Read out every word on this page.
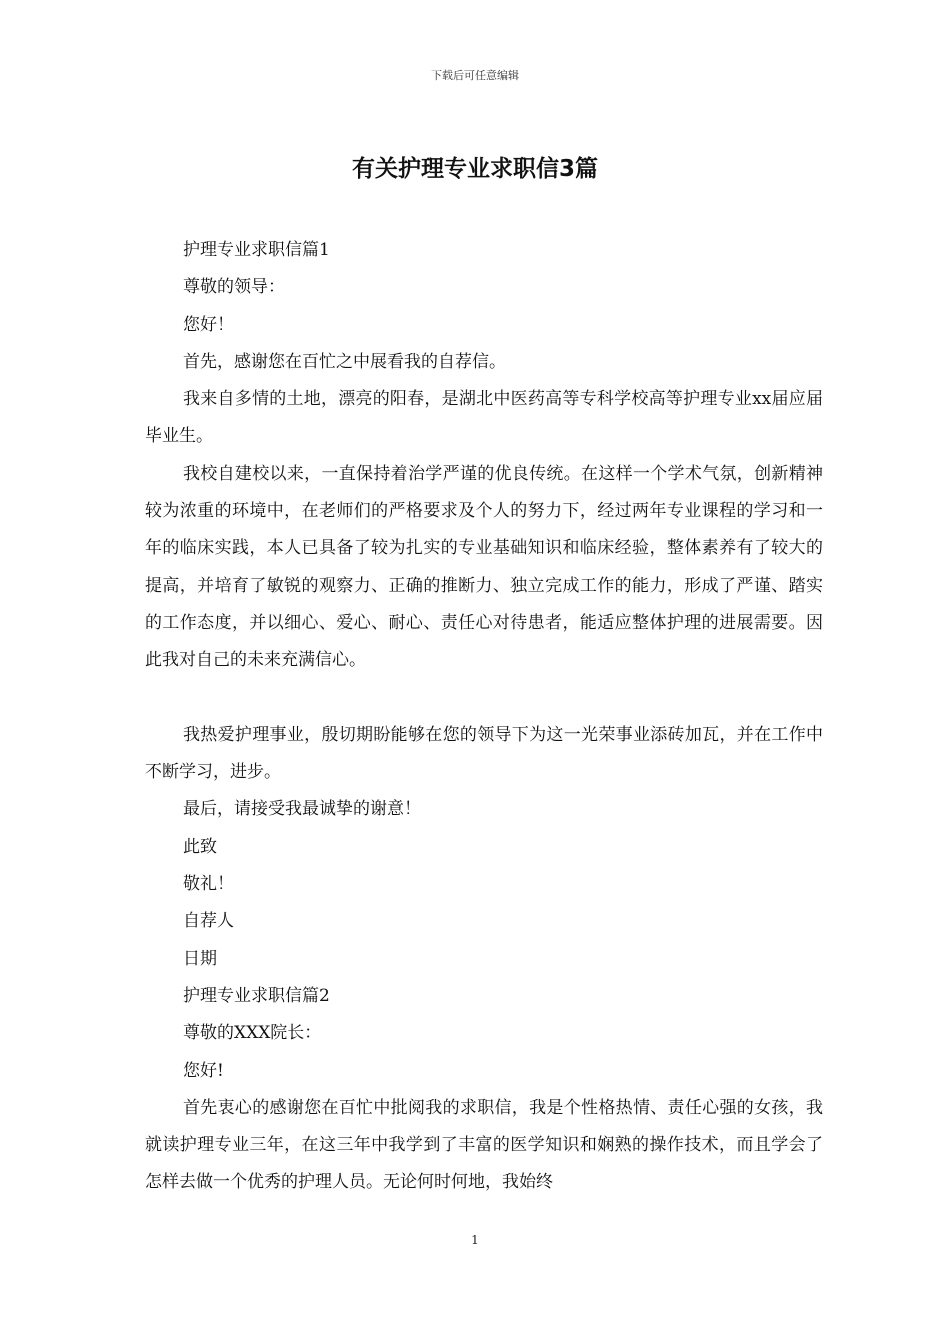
下载后可任意编辑
有关护理专业求职信3篇

护理专业求职信篇1

尊敬的领导：

您好！

首先，感谢您在百忙之中展看我的自荐信。

我来自多情的土地，漂亮的阳春，是湖北中医药高等专科学校高等护理专业xx届应届毕业生。

我校自建校以来，一直保持着治学严谨的优良传统。在这样一个学术气氛，创新精神较为浓重的环境中，在老师们的严格要求及个人的努力下，经过两年专业课程的学习和一年的临床实践，本人已具备了较为扎实的专业基础知识和临床经验，整体素养有了较大的提高，并培育了敏锐的观察力、正确的推断力、独立完成工作的能力，形成了严谨、踏实的工作态度，并以细心、爱心、耐心、责任心对待患者，能适应整体护理的进展需要。因此我对自己的未来充满信心。

我热爱护理事业，殷切期盼能够在您的领导下为这一光荣事业添砖加瓦，并在工作中不断学习，进步。

最后，请接受我最诚挚的谢意！

此致

敬礼！

自荐人

日期

护理专业求职信篇2

尊敬的XXX院长：

您好!

首先衷心的感谢您在百忙中批阅我的求职信，我是个性格热情、责任心强的女孩，我就读护理专业三年，在这三年中我学到了丰富的医学知识和娴熟的操作技术，而且学会了怎样去做一个优秀的护理人员。无论何时何地，我始终

1
